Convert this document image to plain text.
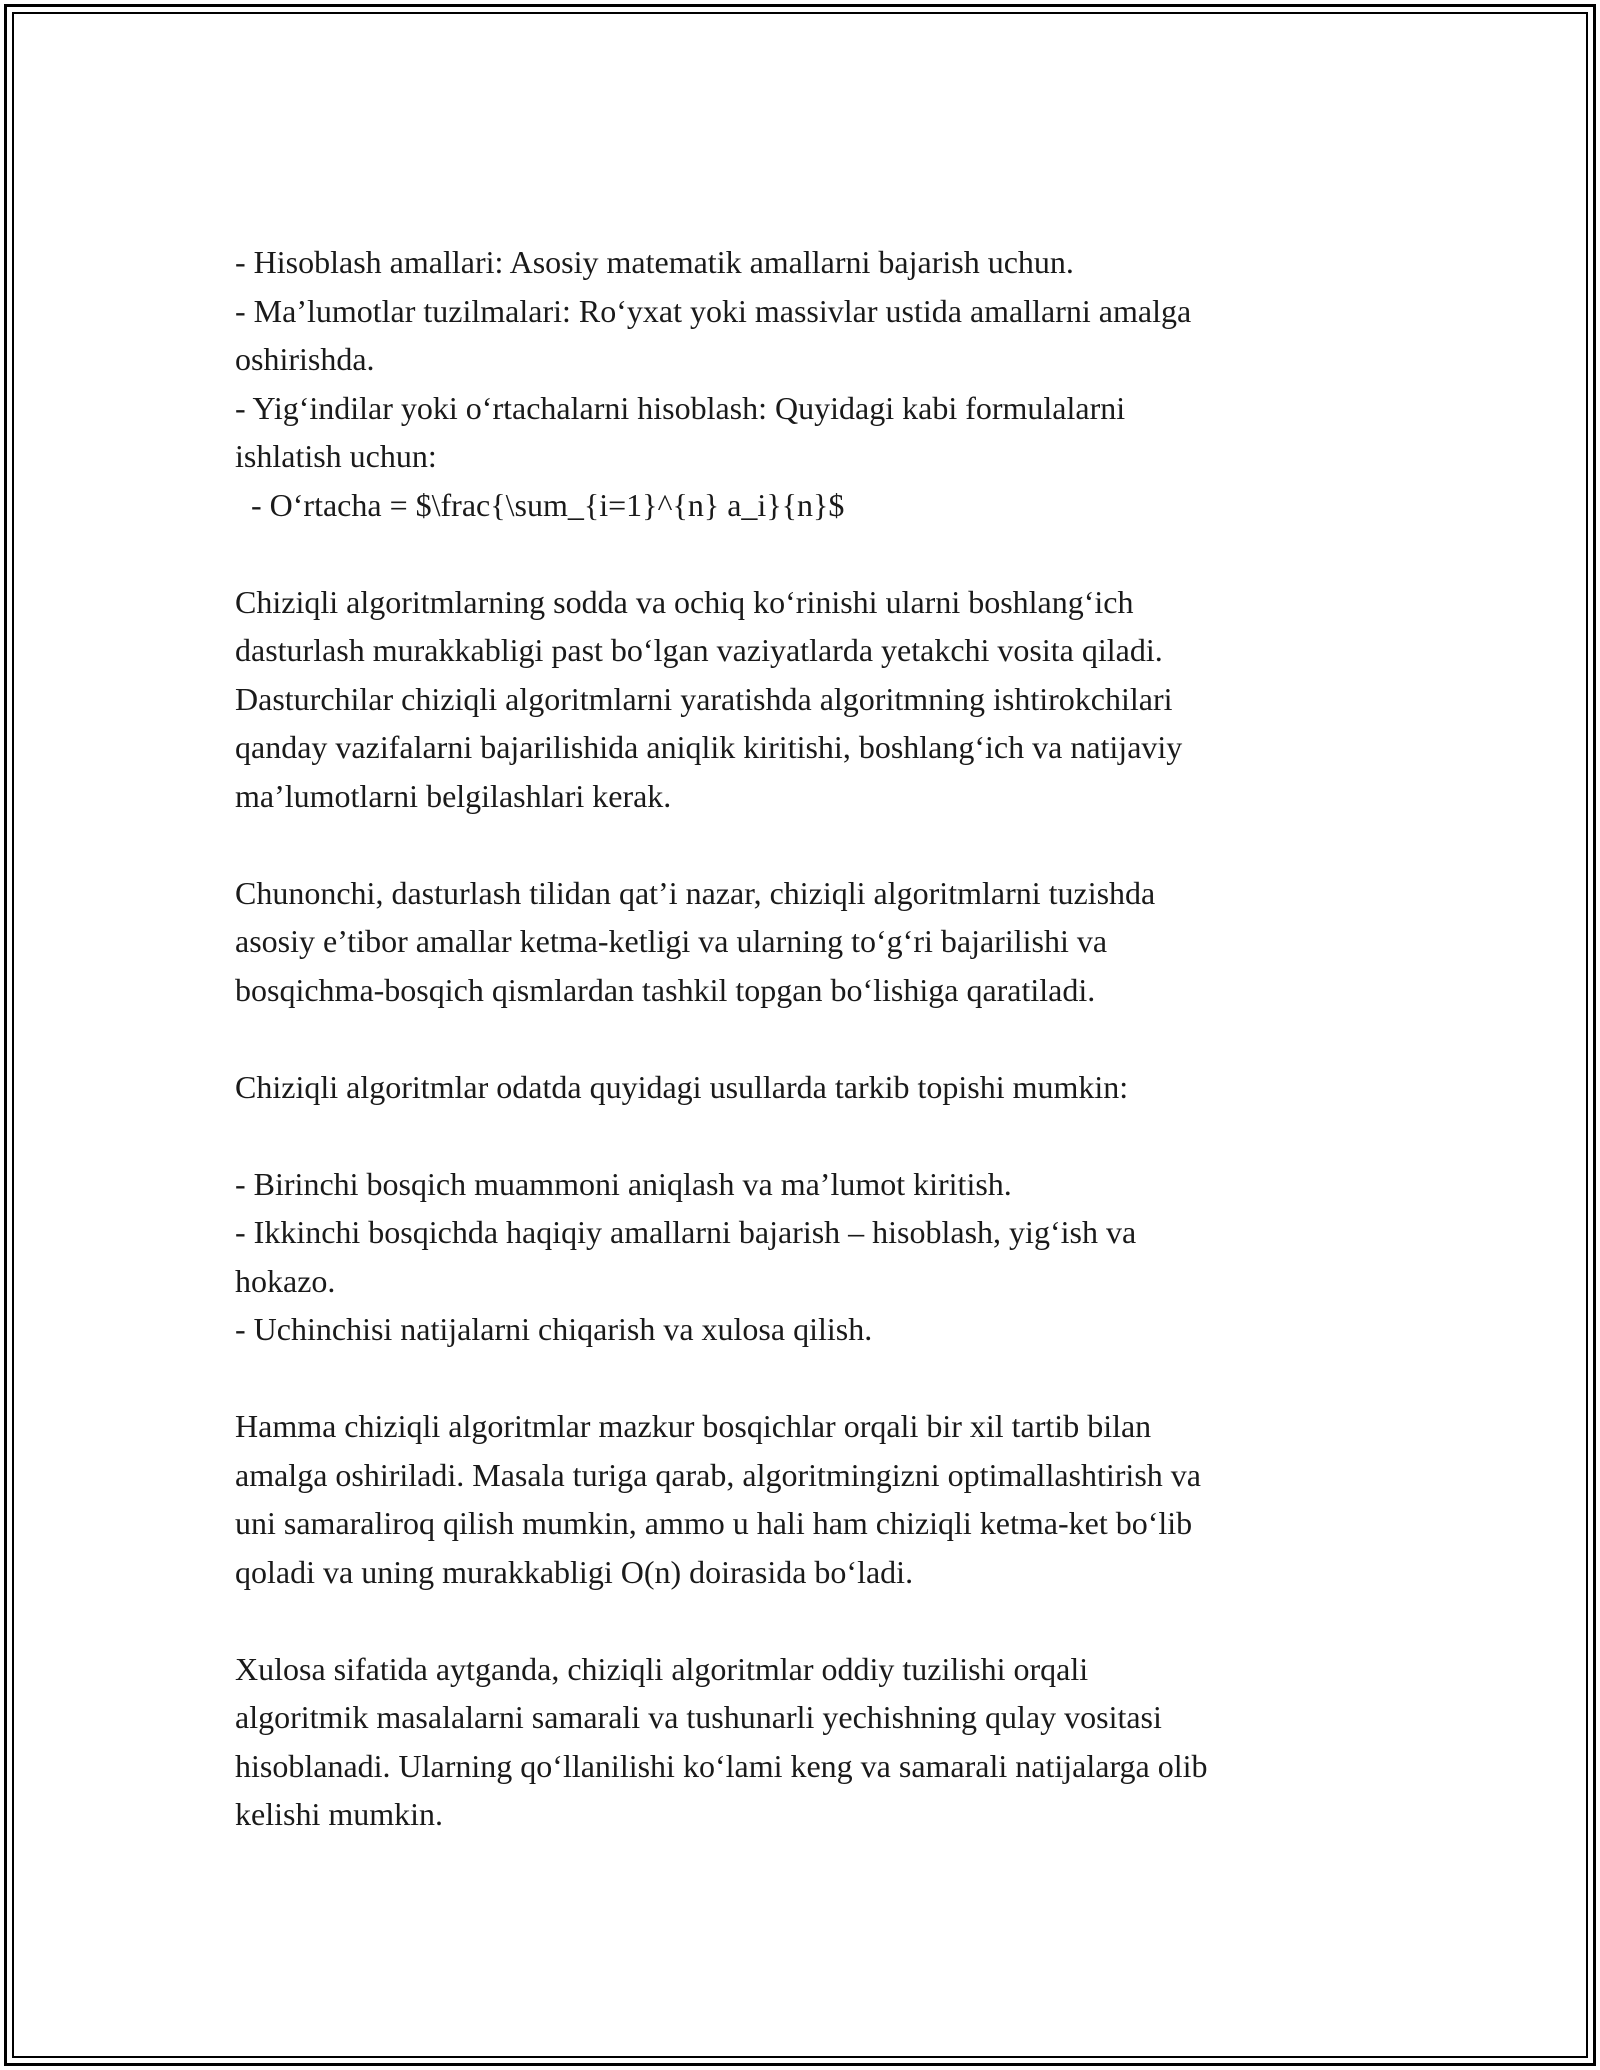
- Hisoblash amallari: Asosiy matematik amallarni bajarish uchun.
- Ma’lumotlar tuzilmalari: Ro‘yxat yoki massivlar ustida amallarni amalga
oshirishda.
- Yig‘indilar yoki o‘rtachalarni hisoblash: Quyidagi kabi formulalarni
ishlatish uchun:
- O‘rtacha = $\frac{\sum_{i=1}^{n} a_i}{n}$
Chiziqli algoritmlarning sodda va ochiq ko‘rinishi ularni boshlang‘ich
dasturlash murakkabligi past bo‘lgan vaziyatlarda yetakchi vosita qiladi.
Dasturchilar chiziqli algoritmlarni yaratishda algoritmning ishtirokchilari
qanday vazifalarni bajarilishida aniqlik kiritishi, boshlang‘ich va natijaviy
ma’lumotlarni belgilashlari kerak.
Chunonchi, dasturlash tilidan qat’i nazar, chiziqli algoritmlarni tuzishda
asosiy e’tibor amallar ketma-ketligi va ularning to‘g‘ri bajarilishi va
bosqichma-bosqich qismlardan tashkil topgan bo‘lishiga qaratiladi.
Chiziqli algoritmlar odatda quyidagi usullarda tarkib topishi mumkin:
- Birinchi bosqich muammoni aniqlash va ma’lumot kiritish.
- Ikkinchi bosqichda haqiqiy amallarni bajarish – hisoblash, yig‘ish va
hokazo.
- Uchinchisi natijalarni chiqarish va xulosa qilish.
Hamma chiziqli algoritmlar mazkur bosqichlar orqali bir xil tartib bilan
amalga oshiriladi. Masala turiga qarab, algoritmingizni optimallashtirish va
uni samaraliroq qilish mumkin, ammo u hali ham chiziqli ketma-ket bo‘lib
qoladi va uning murakkabligi O(n) doirasida bo‘ladi.
Xulosa sifatida aytganda, chiziqli algoritmlar oddiy tuzilishi orqali
algoritmik masalalarni samarali va tushunarli yechishning qulay vositasi
hisoblanadi. Ularning qo‘llanilishi ko‘lami keng va samarali natijalarga olib
kelishi mumkin.
